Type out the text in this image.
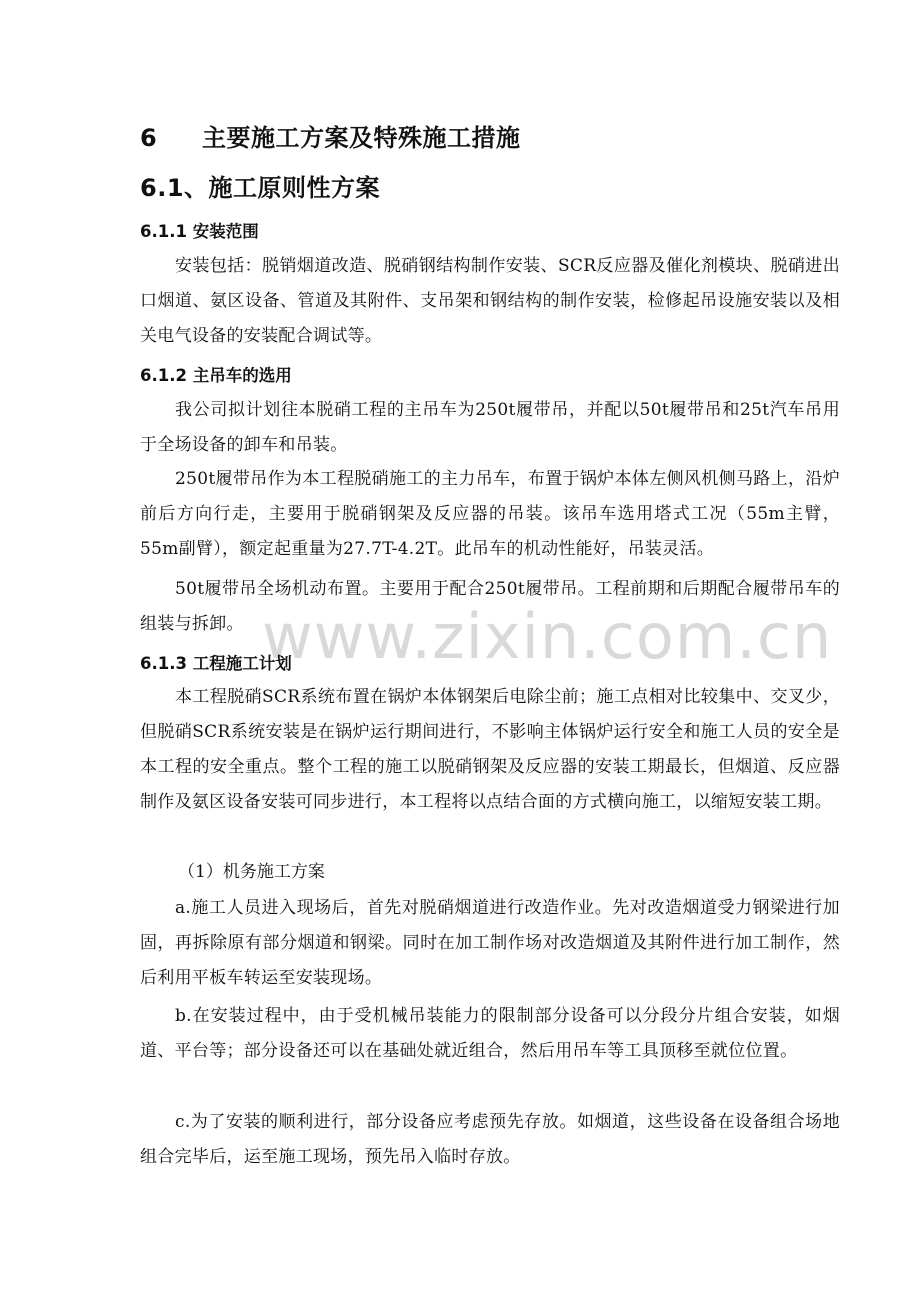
www.zixin.com.cn
6 主要施工方案及特殊施工措施
6.1、施工原则性方案
6.1.1 安装范围
安装包括：脱销烟道改造、脱硝钢结构制作安装、SCR反应器及催化剂模块、脱硝进出口烟道、氨区设备、管道及其附件、支吊架和钢结构的制作安装，检修起吊设施安装以及相关电气设备的安装配合调试等。
6.1.2 主吊车的选用
我公司拟计划往本脱硝工程的主吊车为250t履带吊，并配以50t履带吊和25t汽车吊用于全场设备的卸车和吊装。
250t履带吊作为本工程脱硝施工的主力吊车，布置于锅炉本体左侧风机侧马路上，沿炉前后方向行走，主要用于脱硝钢架及反应器的吊装。该吊车选用塔式工况（55m主臂，55m副臂），额定起重量为27.7T-4.2T。此吊车的机动性能好，吊装灵活。
50t履带吊全场机动布置。主要用于配合250t履带吊。工程前期和后期配合履带吊车的组装与拆卸。
6.1.3 工程施工计划
本工程脱硝SCR系统布置在锅炉本体钢架后电除尘前；施工点相对比较集中、交叉少，但脱硝SCR系统安装是在锅炉运行期间进行，不影响主体锅炉运行安全和施工人员的安全是本工程的安全重点。整个工程的施工以脱硝钢架及反应器的安装工期最长，但烟道、反应器制作及氨区设备安装可同步进行，本工程将以点结合面的方式横向施工，以缩短安装工期。
（1）机务施工方案
a.施工人员进入现场后，首先对脱硝烟道进行改造作业。先对改造烟道受力钢梁进行加固，再拆除原有部分烟道和钢梁。同时在加工制作场对改造烟道及其附件进行加工制作，然后利用平板车转运至安装现场。
b.在安装过程中，由于受机械吊装能力的限制部分设备可以分段分片组合安装，如烟道、平台等；部分设备还可以在基础处就近组合，然后用吊车等工具顶移至就位位置。
c.为了安装的顺利进行，部分设备应考虑预先存放。如烟道，这些设备在设备组合场地组合完毕后，运至施工现场，预先吊入临时存放。
